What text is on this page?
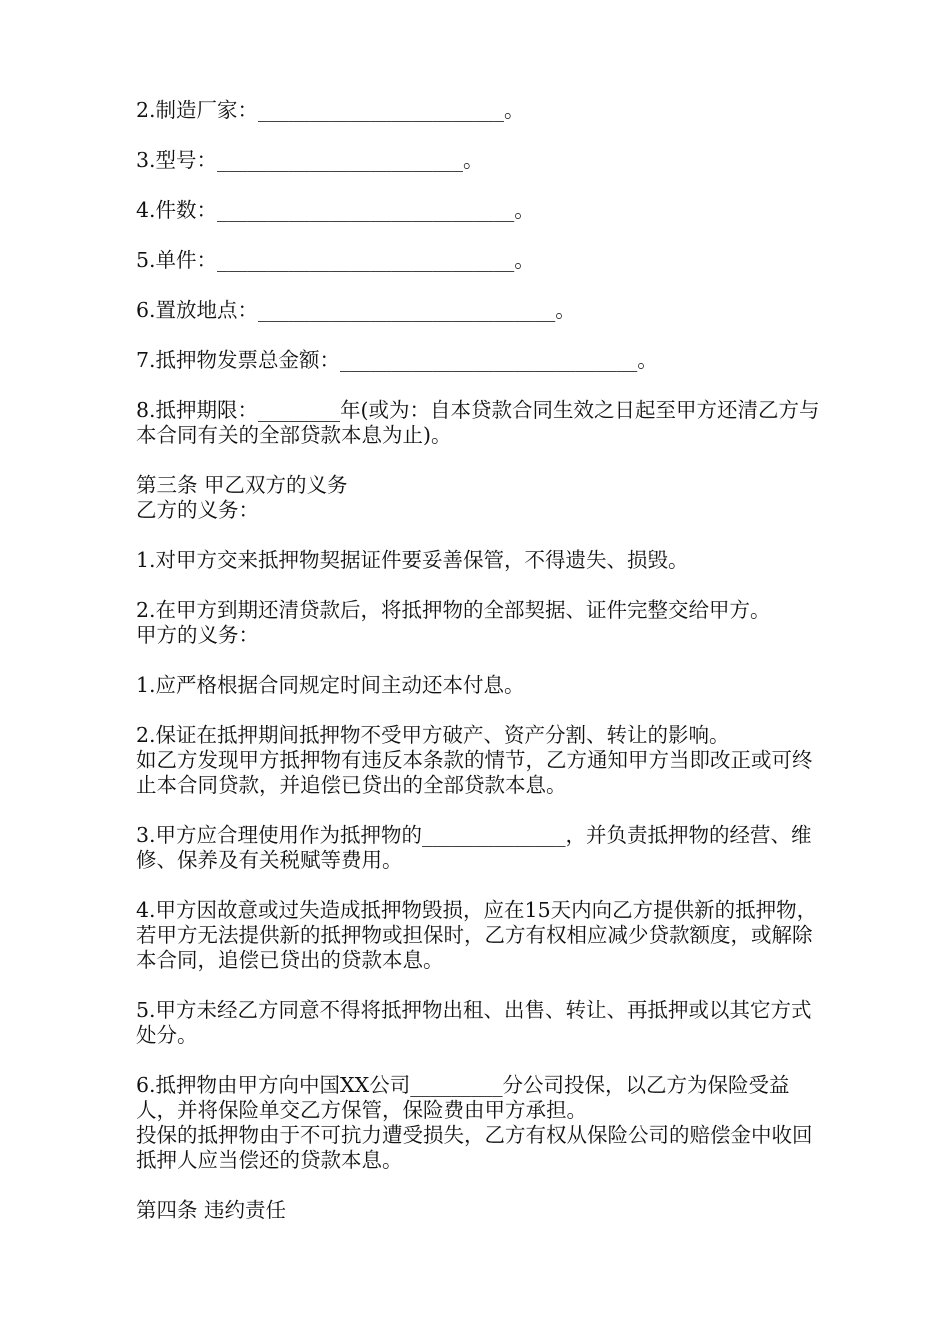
2.制造厂家：________________________。

3.型号：________________________。

4.件数：_____________________________。

5.单件：_____________________________。

6.置放地点：_____________________________。

7.抵押物发票总金额：_____________________________。

8.抵押期限：________年(或为：自本贷款合同生效之日起至甲方还清乙方与本合同有关的全部贷款本息为止)。

第三条 甲乙双方的义务

乙方的义务：

1.对甲方交来抵押物契据证件要妥善保管，不得遗失、损毁。

2.在甲方到期还清贷款后，将抵押物的全部契据、证件完整交给甲方。

甲方的义务：

1.应严格根据合同规定时间主动还本付息。

2.保证在抵押期间抵押物不受甲方破产、资产分割、转让的影响。

如乙方发现甲方抵押物有违反本条款的情节，乙方通知甲方当即改正或可终止本合同贷款，并追偿已贷出的全部贷款本息。

3.甲方应合理使用作为抵押物的______________，并负责抵押物的经营、维修、保养及有关税赋等费用。

4.甲方因故意或过失造成抵押物毁损，应在15天内向乙方提供新的抵押物，若甲方无法提供新的抵押物或担保时，乙方有权相应减少贷款额度，或解除本合同，追偿已贷出的贷款本息。

5.甲方未经乙方同意不得将抵押物出租、出售、转让、再抵押或以其它方式处分。

6.抵押物由甲方向中国XX公司_________分公司投保，以乙方为保险受益人，并将保险单交乙方保管，保险费由甲方承担。

投保的抵押物由于不可抗力遭受损失，乙方有权从保险公司的赔偿金中收回抵押人应当偿还的贷款本息。

第四条 违约责任
